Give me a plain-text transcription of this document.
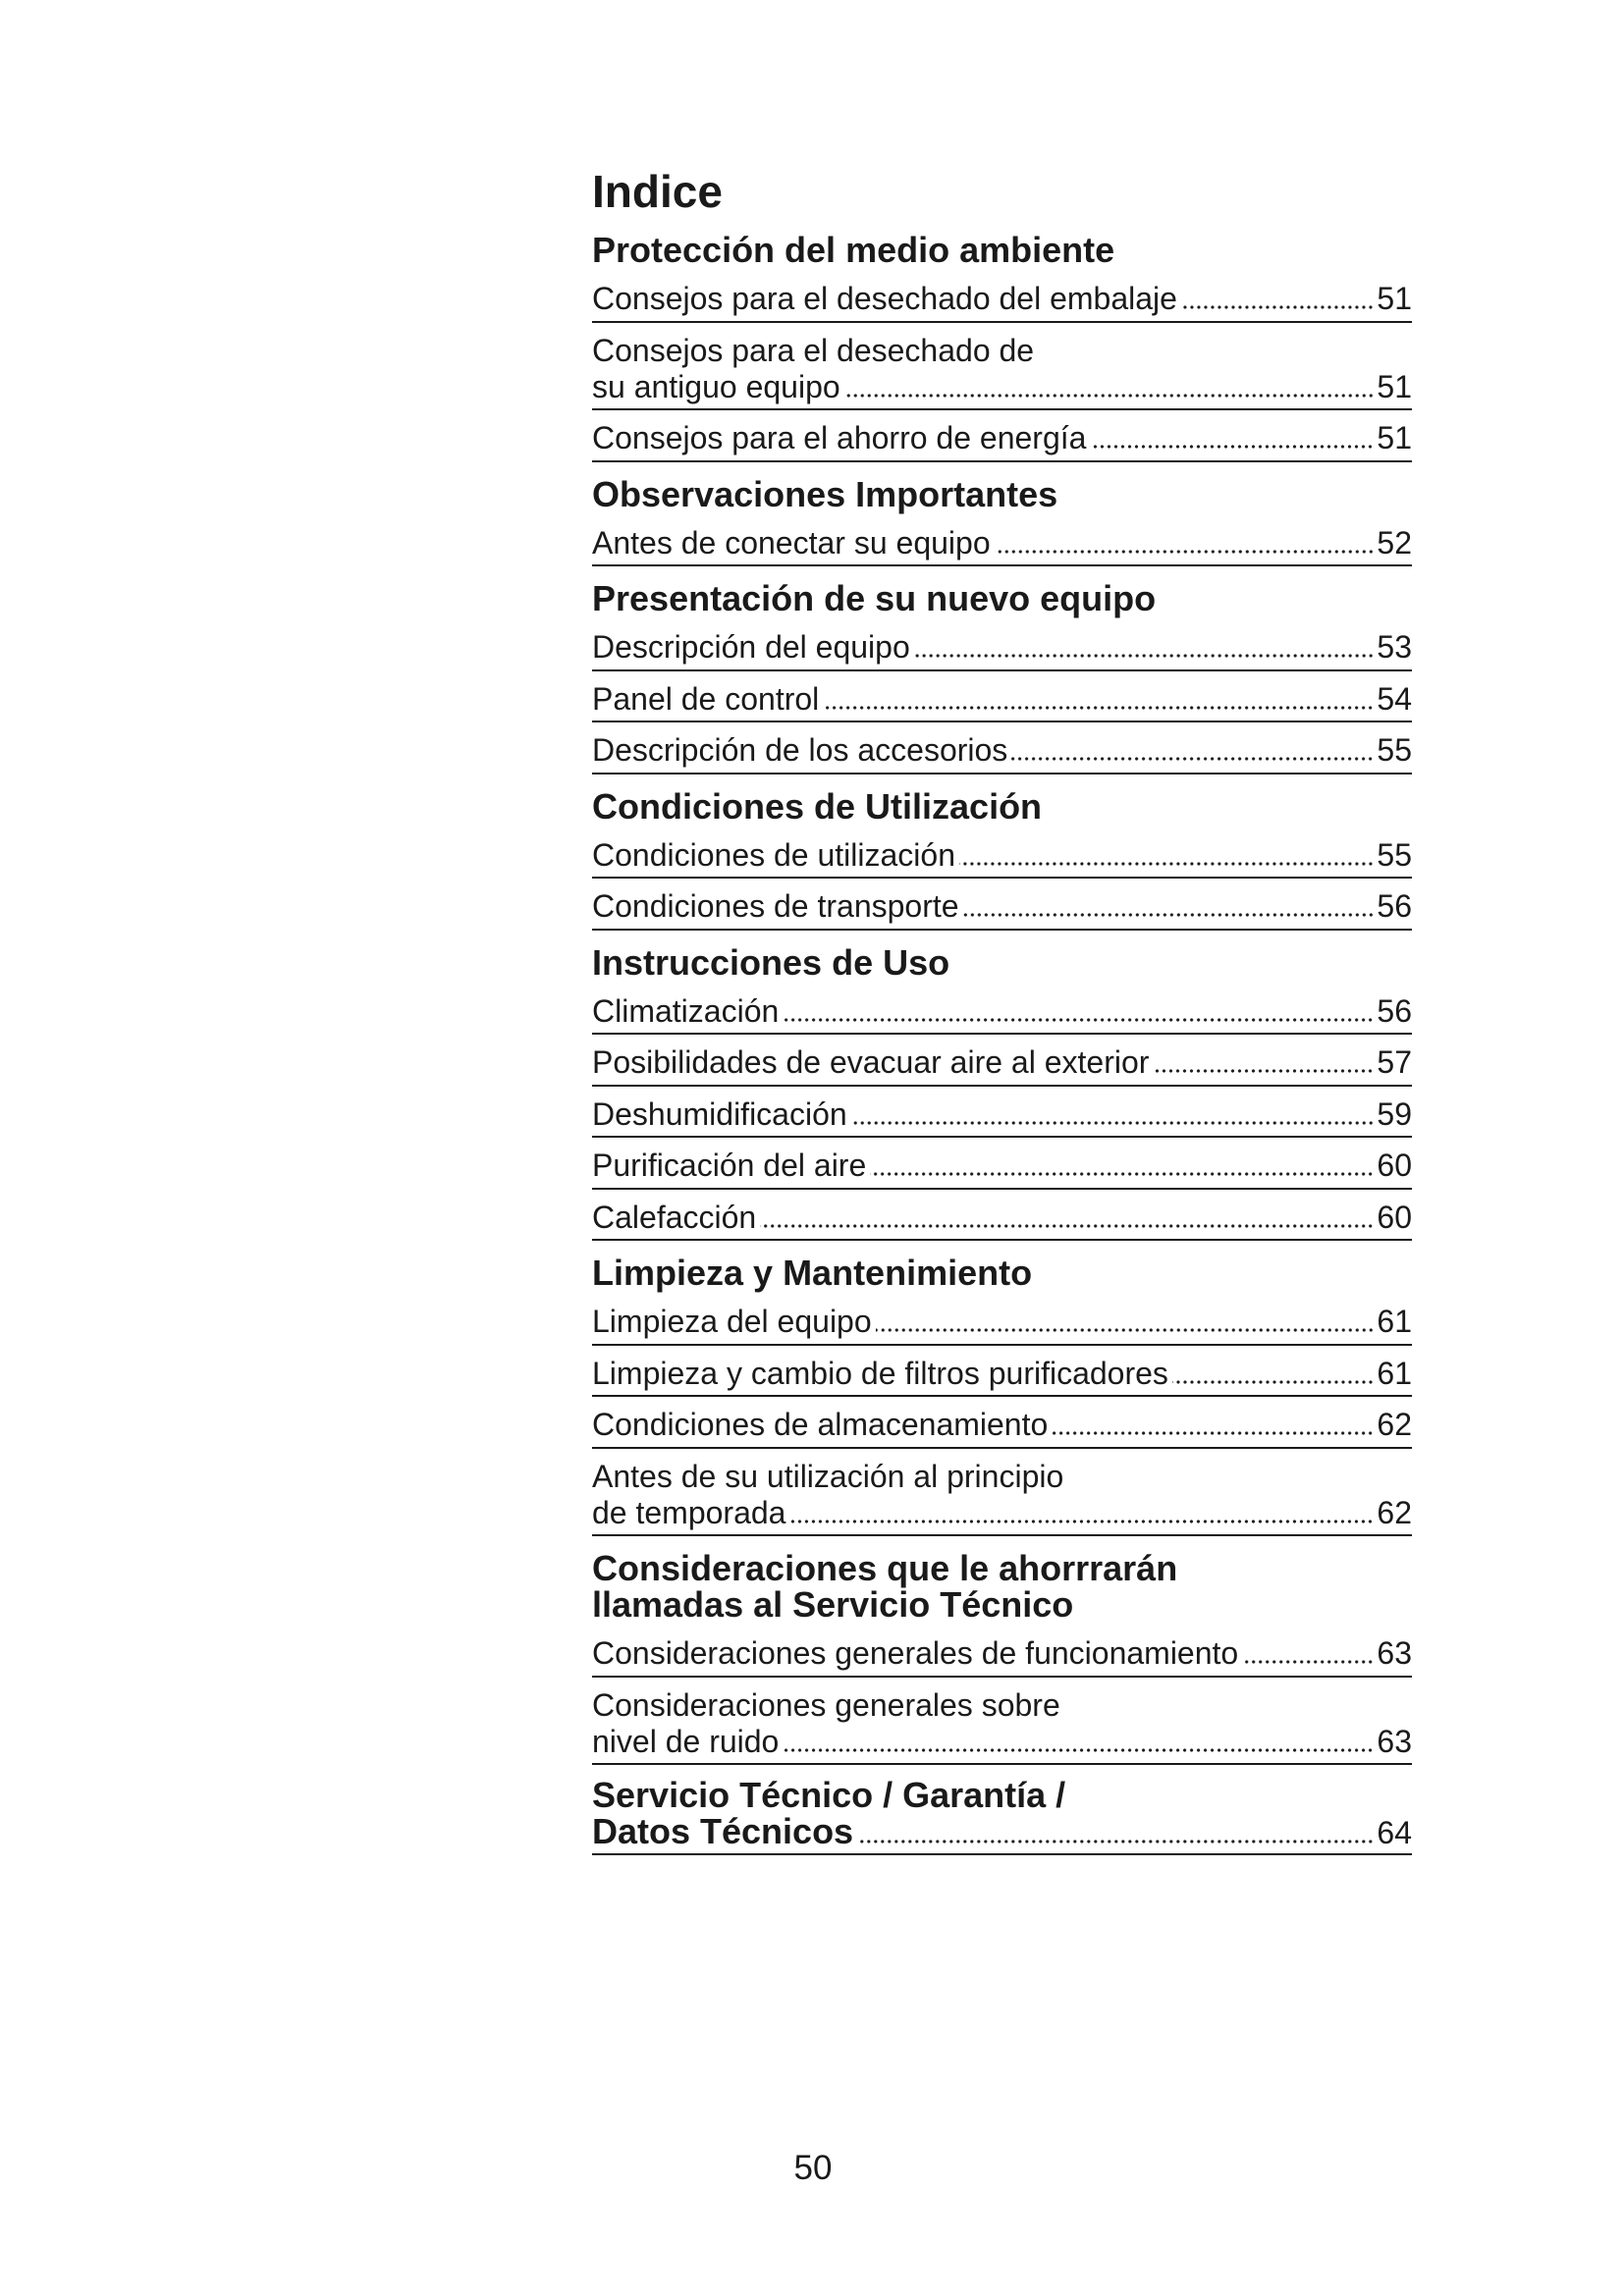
Indice
Protección del medio ambiente
Consejos para el desechado del embalaje	51
Consejos para el desechado de
su antiguo equipo	51
Consejos para el ahorro de energía	51
Observaciones Importantes
Antes de conectar su equipo	52
Presentación de su nuevo equipo
Descripción del equipo	53
Panel de control	54
Descripción de los accesorios	55
Condiciones de Utilización
Condiciones de utilización	55
Condiciones de transporte	56
Instrucciones de Uso
Climatización	56
Posibilidades de evacuar aire al exterior	57
Deshumidificación	59
Purificación del aire	60
Calefacción	60
Limpieza y Mantenimiento
Limpieza del equipo	61
Limpieza y cambio de filtros purificadores	61
Condiciones de almacenamiento	62
Antes de su utilización al principio
de temporada	62
Consideraciones que le ahorrrarán
llamadas al Servicio Técnico
Consideraciones generales de funcionamiento	63
Consideraciones generales sobre
nivel de ruido	63
Servicio Técnico / Garantía /
Datos Técnicos	64
50
